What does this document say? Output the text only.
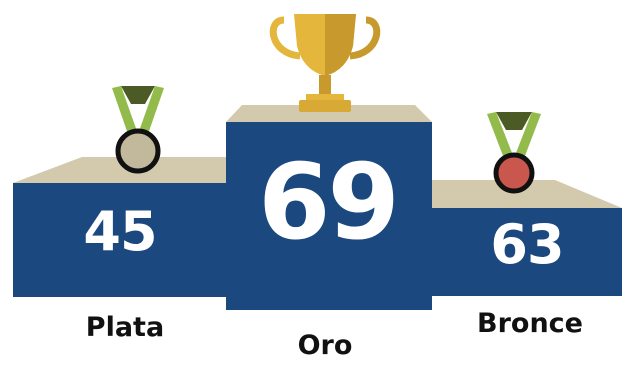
45 69 63
Plata
Oro
Bronce
